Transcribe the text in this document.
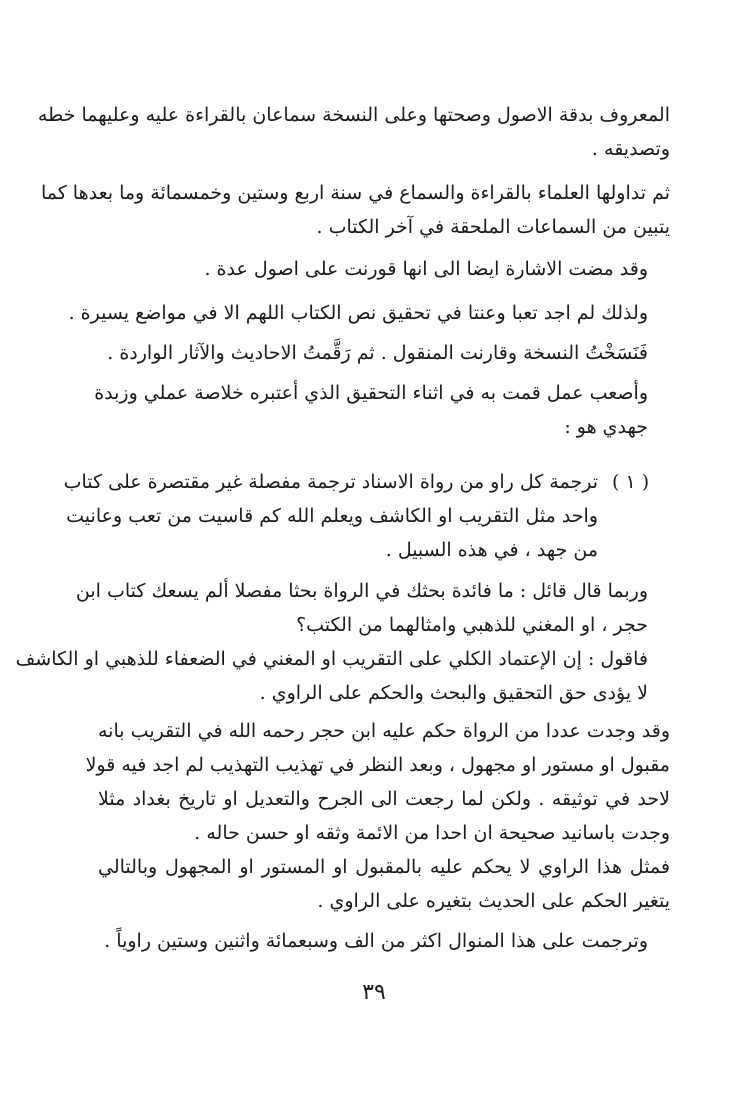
المعروف بدقة الاصول وصحتها وعلى النسخة سماعان بالقراءة عليه وعليهما خطه
وتصديقه .

ثم تداولها العلماء بالقراءة والسماع في سنة اربع وستين وخمسمائة وما بعدها كما
يتبين من السماعات الملحقة في آخر الكتاب .

وقد مضت الاشارة ايضا الى انها قورنت على اصول عدة .

ولذلك لم اجد تعبا وعنتا في تحقيق نص الكتاب اللهم الا في مواضع يسيرة .

فَنَسَخْتُ النسخة وقارنت المنقول . ثم رَقَّمتُ الاحاديث والآثار الواردة .

وأصعب عمل قمت به في اثناء التحقيق الذي أعتبره خلاصة عملي وزبدة
جهدي هو :

( ١ )

ترجمة كل راو من رواة الاسناد ترجمة مفصلة غير مقتصرة على كتاب
واحد مثل التقريب او الكاشف ويعلم الله كم قاسيت من تعب وعانيت
من جهد ، في هذه السبيل .

وربما قال قائل : ما فائدة بحثك في الرواة بحثا مفصلا ألم يسعك كتاب ابن
حجر ، او المغني للذهبي وامثالهما من الكتب؟

فاقول : إن الإعتماد الكلي على التقريب او المغني في الضعفاء للذهبي او الكاشف
لا يؤدى حق التحقيق والبحث والحكم على الراوي .

وقد وجدت عددا من الرواة حكم عليه ابن حجر رحمه الله في التقريب بانه
مقبول او مستور او مجهول ، وبعد النظر في تهذيب التهذيب لم اجد فيه قولا
لاحد في توثيقه . ولكن لما رجعت الى الجرح والتعديل او تاريخ بغداد مثلا
وجدت باسانيد صحيحة ان احدا من الائمة وثقه او حسن حاله .

فمثل هذا الراوي لا يحكم عليه بالمقبول او المستور او المجهول وبالتالي
يتغير الحكم على الحديث بتغيره على الراوي .

وترجمت على هذا المنوال اكثر من الف وسبعمائة واثنين وستين راوياً .

٣٩
